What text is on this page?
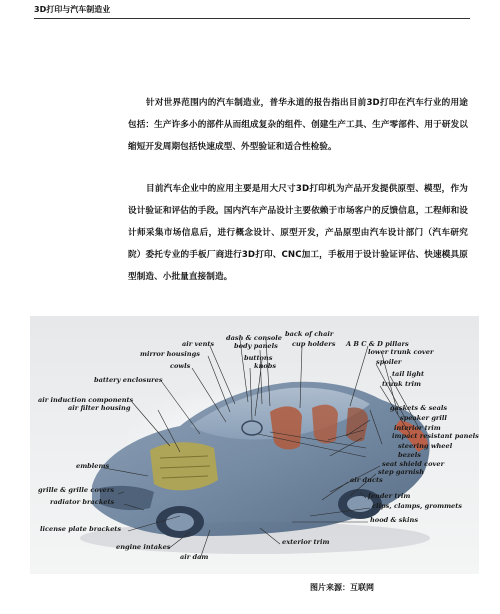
3D打印与汽车制造业
针对世界范围内的汽车制造业，普华永道的报告指出目前3D打印在汽车行业的用途包括：生产许多小的部件从而组成复杂的组件、创建生产工具、生产零部件、用于研发以缩短开发周期包括快速成型、外型验证和适合性检验。
目前汽车企业中的应用主要是用大尺寸3D打印机为产品开发提供原型、模型，作为设计验证和评估的手段。国内汽车产品设计主要依赖于市场客户的反馈信息，工程师和设计师采集市场信息后，进行概念设计、原型开发，产品原型由汽车设计部门（汽车研究院）委托专业的手板厂商进行3D打印、CNC加工，手板用于设计验证评估、快速模具原型制造、小批量直接制造。
air vents
dash & console back of chair
body panels cup holders
mirror housings	buttons
knobs
A B C & D pillars
lower trunk cover
cowls	spoiler
battery enclosures
tail light
trunk trim
air induction components
air filter housing	gaskets & seals
speaker grill
interior trim
impact resistant panels
steering wheel
bezels
emblems	seat shield cover
step garnish
air ducts
grille & grille covers
fender trim
radiator brackets	clips, clamps, grommets
hood & skins
license plate brackets
exterior trim
engine intakes
air dam
图片来源：互联网
